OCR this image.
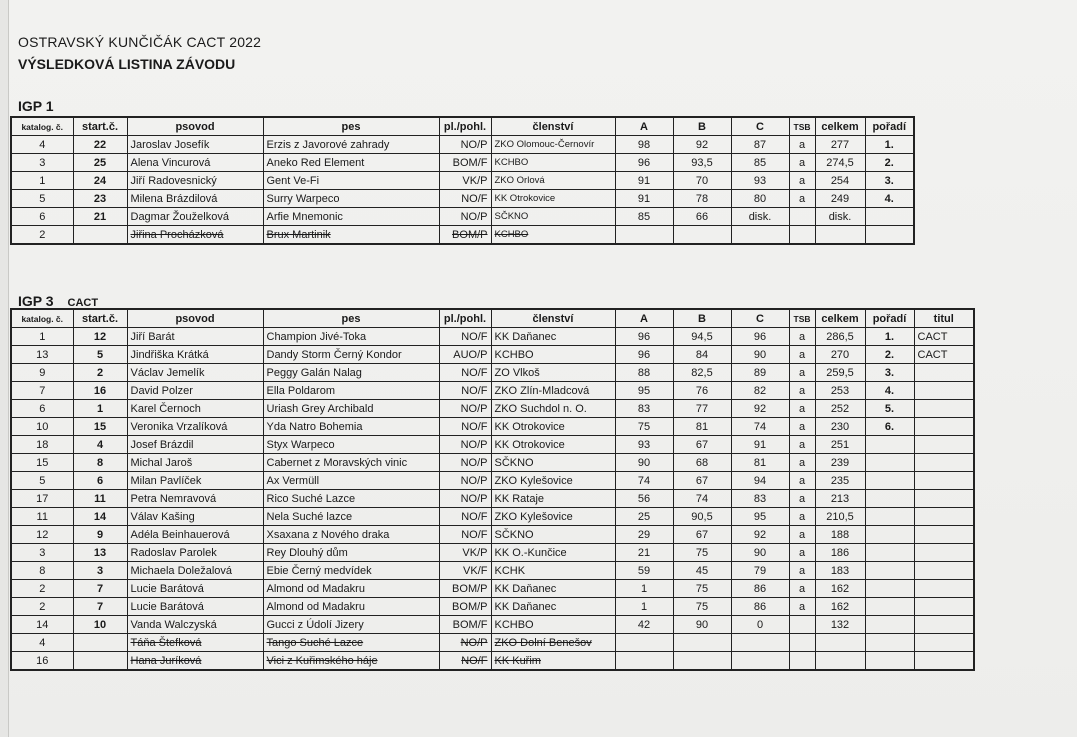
OSTRAVSKÝ KUNČIČÁK CACT 2022
VÝSLEDKOVÁ LISTINA ZÁVODU
IGP 1
katalog. č.	start.č.	psovod	pes	pl./pohl.	členství	A	B	C	TSB	celkem	pořadí
4	22	Jaroslav Josefík	Erzis z Javorové zahrady	NO/P	ZKO Olomouc-Černovír	98	92	87	a	277	1.
3	25	Alena Vincurová	Aneko Red Element	BOM/F	KCHBO	96	93,5	85	a	274,5	2.
1	24	Jiří Radovesnický	Gent Ve-Fi	VK/P	ZKO Orlová	91	70	93	a	254	3.
5	23	Milena Brázdilová	Surry Warpeco	NO/F	KK Otrokovice	91	78	80	a	249	4.
6	21	Dagmar Žouželková	Arfie Mnemonic	NO/P	SČKNO	85	66	disk.		disk.	
2		Jiřina Procházková	Brux Martinik	BOM/P	KCHBO						
IGP 3 CACT
katalog. č.	start.č.	psovod	pes	pl./pohl.	členství	A	B	C	TSB	celkem	pořadí	titul
1	12	Jiří Barát	Champion Jivé-Toka	NO/F	KK Daňanec	96	94,5	96	a	286,5	1.	CACT
13	5	Jindřiška Krátká	Dandy Storm Černý Kondor	AUO/P	KCHBO	96	84	90	a	270	2.	CACT
9	2	Václav Jemelík	Peggy Galán Nalag	NO/F	ZO Vlkoš	88	82,5	89	a	259,5	3.	
7	16	David Polzer	Ella Poldarom	NO/F	ZKO Zlín-Mladcová	95	76	82	a	253	4.	
6	1	Karel Černoch	Uriash Grey Archibald	NO/P	ZKO Suchdol n. O.	83	77	92	a	252	5.	
10	15	Veronika Vrzalíková	Yda Natro Bohemia	NO/F	KK Otrokovice	75	81	74	a	230	6.	
18	4	Josef Brázdil	Styx Warpeco	NO/P	KK Otrokovice	93	67	91	a	251		
15	8	Michal Jaroš	Cabernet z Moravských vinic	NO/P	SČKNO	90	68	81	a	239		
5	6	Milan Pavlíček	Ax Vermüll	NO/P	ZKO Kylešovice	74	67	94	a	235		
17	11	Petra Nemravová	Rico Suché Lazce	NO/P	KK Rataje	56	74	83	a	213		
11	14	Válav Kašing	Nela Suché lazce	NO/F	ZKO Kylešovice	25	90,5	95	a	210,5		
12	9	Adéla Beinhauerová	Xsaxana z Nového draka	NO/F	SČKNO	29	67	92	a	188		
3	13	Radoslav Parolek	Rey Dlouhý dům	VK/P	KK O.-Kunčice	21	75	90	a	186		
8	3	Michaela Doležalová	Ebie Černý medvídek	VK/F	KCHK	59	45	79	a	183		
2	7	Lucie Barátová	Almond od Madakru	BOM/P	KK Daňanec	1	75	86	a	162		
2	7	Lucie Barátová	Almond od Madakru	BOM/P	KK Daňanec	1	75	86	a	162		
14	10	Vanda Walczyská	Gucci z Údolí Jizery	BOM/F	KCHBO	42	90	0		132		
4		Táňa Štefková	Tango Suché Lazce	NO/P	ZKO Dolní Benešov							
16		Hana Juríková	Vici z Kuřimského háje	NO/F	KK Kuřim							
